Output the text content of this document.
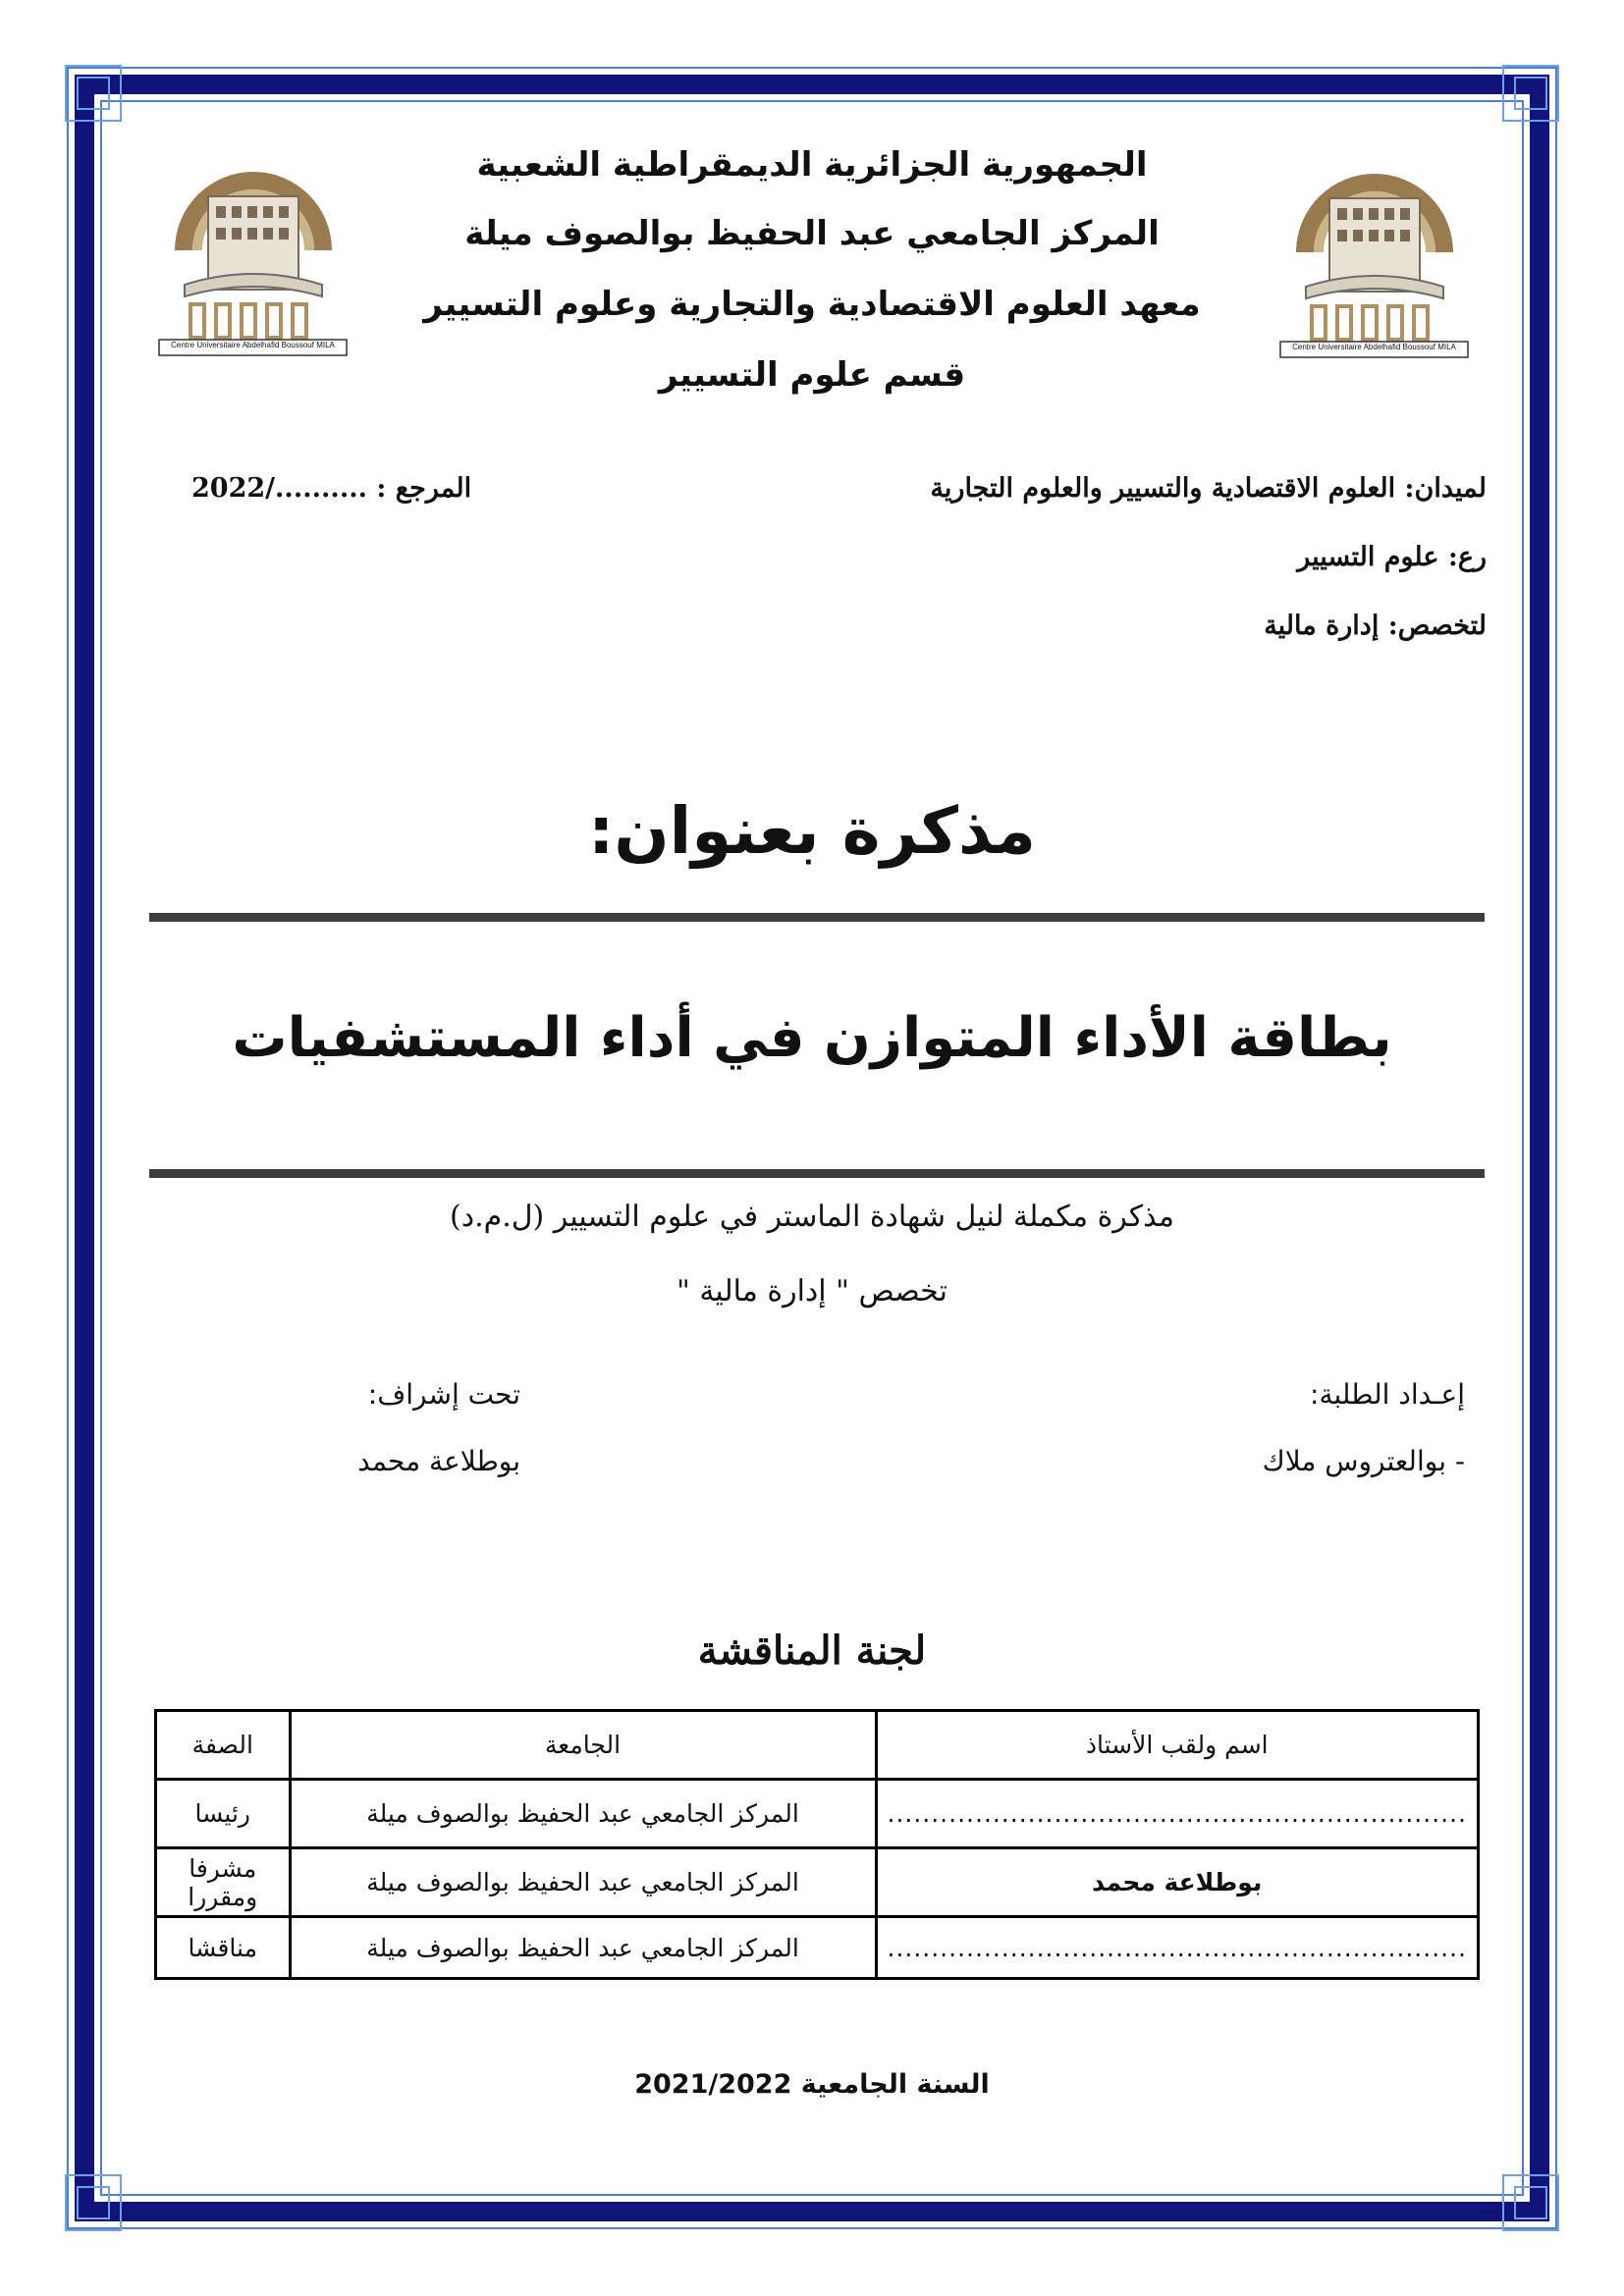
Centre Universitaire Abdelhafid Boussouf MILA	Centre Universitaire Abdelhafid Boussouf MILA
الجمهورية الجزائرية الديمقراطية الشعبية
المركز الجامعي عبد الحفيظ بوالصوف ميلة
معهد العلوم الاقتصادية والتجارية وعلوم التسيير
قسم علوم التسيير
لميدان: العلوم الاقتصادية والتسيير والعلوم التجارية
المرجع : ........../2022
رع: علوم التسيير
لتخصص: إدارة مالية
مذكرة بعنوان:
بطاقة الأداء المتوازن في أداء المستشفيات
مذكرة مكملة لنيل شهادة الماستر في علوم التسيير (ل.م.د)
تخصص " إدارة مالية "
إعـداد الطلبة:
- بوالعتروس ملاك
تحت إشراف:
بوطلاعة محمد
لجنة المناقشة
اسم ولقب الأستاذ	الجامعة	الصفة
..................................................................	المركز الجامعي عبد الحفيظ بوالصوف ميلة	رئيسا
بوطلاعة محمد	المركز الجامعي عبد الحفيظ بوالصوف ميلة	مشرفا ومقررا
..................................................................	المركز الجامعي عبد الحفيظ بوالصوف ميلة	مناقشا
السنة الجامعية 2021/2022
